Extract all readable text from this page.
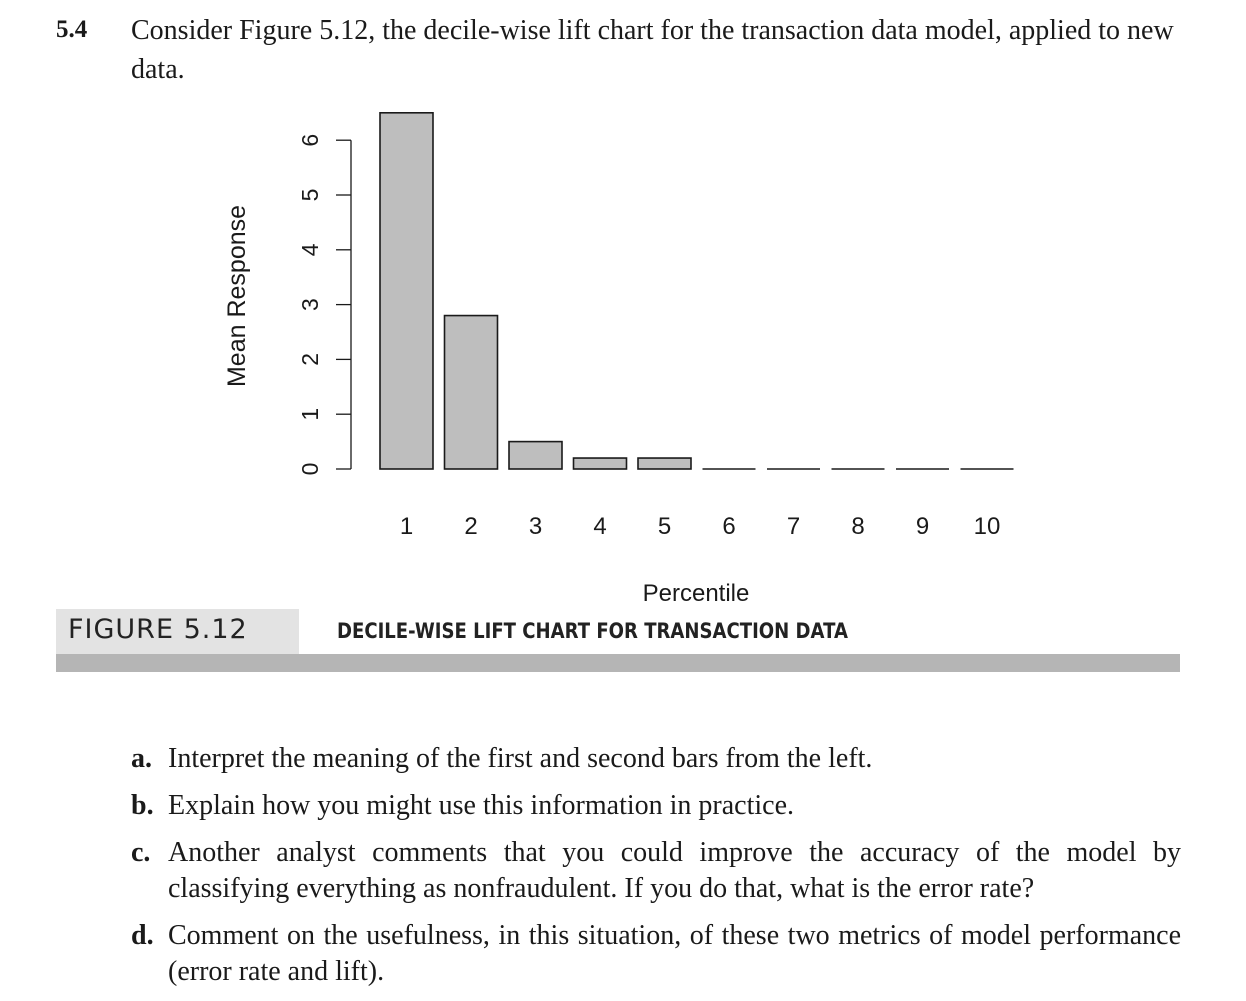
5.4 Consider Figure 5.12, the decile-wise lift chart for the transaction data model, applied to new data.
0
1
2
3
4
5
6
1 2 3 4 5 6 7 8 9 10
Mean Response
Percentile
FIGURE 5.12	DECILE-WISE LIFT CHART FOR TRANSACTION DATA
a. Interpret the meaning of the first and second bars from the left.
b. Explain how you might use this information in practice.
c. Another analyst comments that you could improve the accuracy of the model by classifying everything as nonfraudulent. If you do that, what is the error rate?
d. Comment on the usefulness, in this situation, of these two metrics of model performance (error rate and lift).
